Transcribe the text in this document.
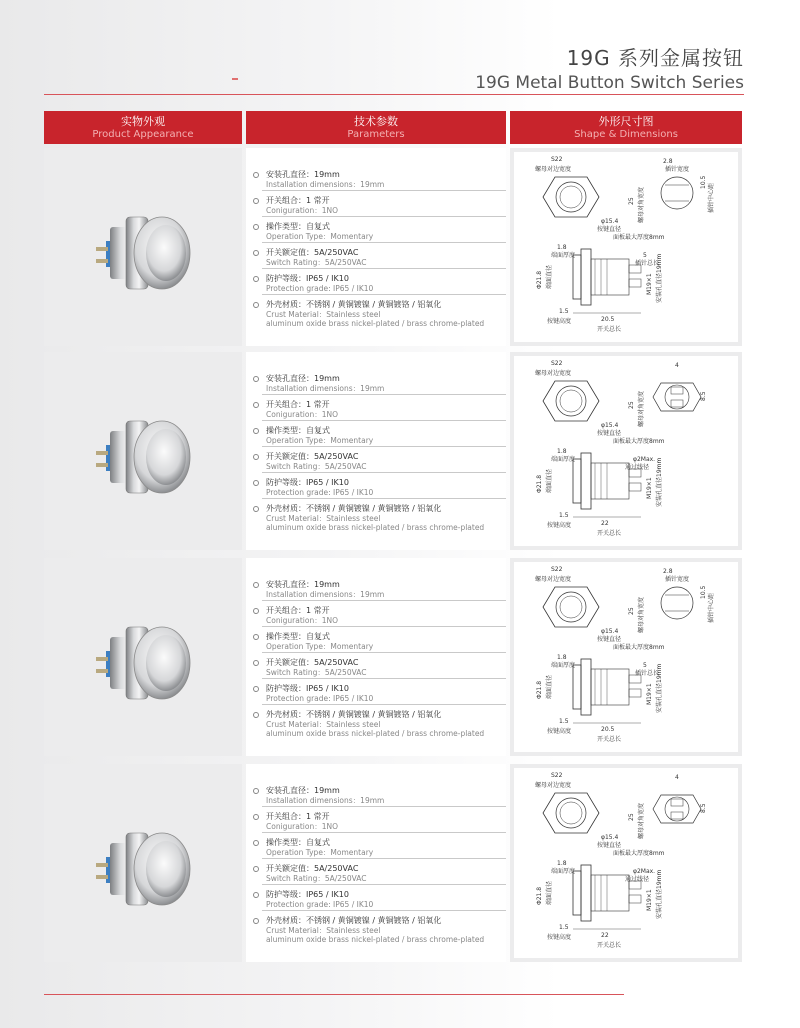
19G 系列金属按钮
19G Metal Button Switch Series
实物外观
Product Appearance
技术参数
Parameters
外形尺寸图
Shape & Dimensions
安装孔直径：19mm
Installation dimensions：19mm
开关组合：1 常开
Coniguration：1NO
操作类型：自复式
Operation Type：Momentary
开关额定值：5A/250VAC
Switch Rating：5A/250VAC
防护等级：IP65 / IK10
Protection grade: IP65 / IK10
外壳材质：不锈钢 / 黄铜镀镍 / 黄铜镀铬 / 铝氧化
Crust Material：Stainless steel
aluminum oxide brass nickel-plated / brass chrome-plated
S22
螺母对边宽度
φ15.4
按键直径
25 螺母对角宽度
2.8
插针宽度
10.5
插针中心距
面板最大厚度8mm
1.8
端面厚度	5
插针总长
Φ21.8 端面直径	M19×1 安装孔直径19mm
20.5
开关总长
1.5
按键高度
安装孔直径：19mm
Installation dimensions：19mm
开关组合：1 常开
Coniguration：1NO
操作类型：自复式
Operation Type：Momentary
开关额定值：5A/250VAC
Switch Rating：5A/250VAC
防护等级：IP65 / IK10
Protection grade: IP65 / IK10
外壳材质：不锈钢 / 黄铜镀镍 / 黄铜镀铬 / 铝氧化
Crust Material：Stainless steel
aluminum oxide brass nickel-plated / brass chrome-plated
S22
螺母对边宽度
φ15.4
按键直径
25 螺母对角宽度
4
8.5
面板最大厚度8mm
1.8
端面厚度	φ2Max.
通过线径
Φ21.8 端面直径	M19×1 安装孔直径19mm
22
开关总长
1.5
按键高度
安装孔直径：19mm
Installation dimensions：19mm
开关组合：1 常开
Coniguration：1NO
操作类型：自复式
Operation Type：Momentary
开关额定值：5A/250VAC
Switch Rating：5A/250VAC
防护等级：IP65 / IK10
Protection grade: IP65 / IK10
外壳材质：不锈钢 / 黄铜镀镍 / 黄铜镀铬 / 铝氧化
Crust Material：Stainless steel
aluminum oxide brass nickel-plated / brass chrome-plated
S22
螺母对边宽度
φ15.4
按键直径
25 螺母对角宽度
2.8
插针宽度
10.5
插针中心距
面板最大厚度8mm
1.8
端面厚度	5
插针总长
Φ21.8 端面直径	M19×1 安装孔直径19mm
20.5
开关总长
1.5
按键高度
安装孔直径：19mm
Installation dimensions：19mm
开关组合：1 常开
Coniguration：1NO
操作类型：自复式
Operation Type：Momentary
开关额定值：5A/250VAC
Switch Rating：5A/250VAC
防护等级：IP65 / IK10
Protection grade: IP65 / IK10
外壳材质：不锈钢 / 黄铜镀镍 / 黄铜镀铬 / 铝氧化
Crust Material：Stainless steel
aluminum oxide brass nickel-plated / brass chrome-plated
S22
螺母对边宽度
φ15.4
按键直径
25 螺母对角宽度
4
8.5
面板最大厚度8mm
1.8
端面厚度	φ2Max.
通过线径
Φ21.8 端面直径	M19×1 安装孔直径19mm
22
开关总长
1.5
按键高度
